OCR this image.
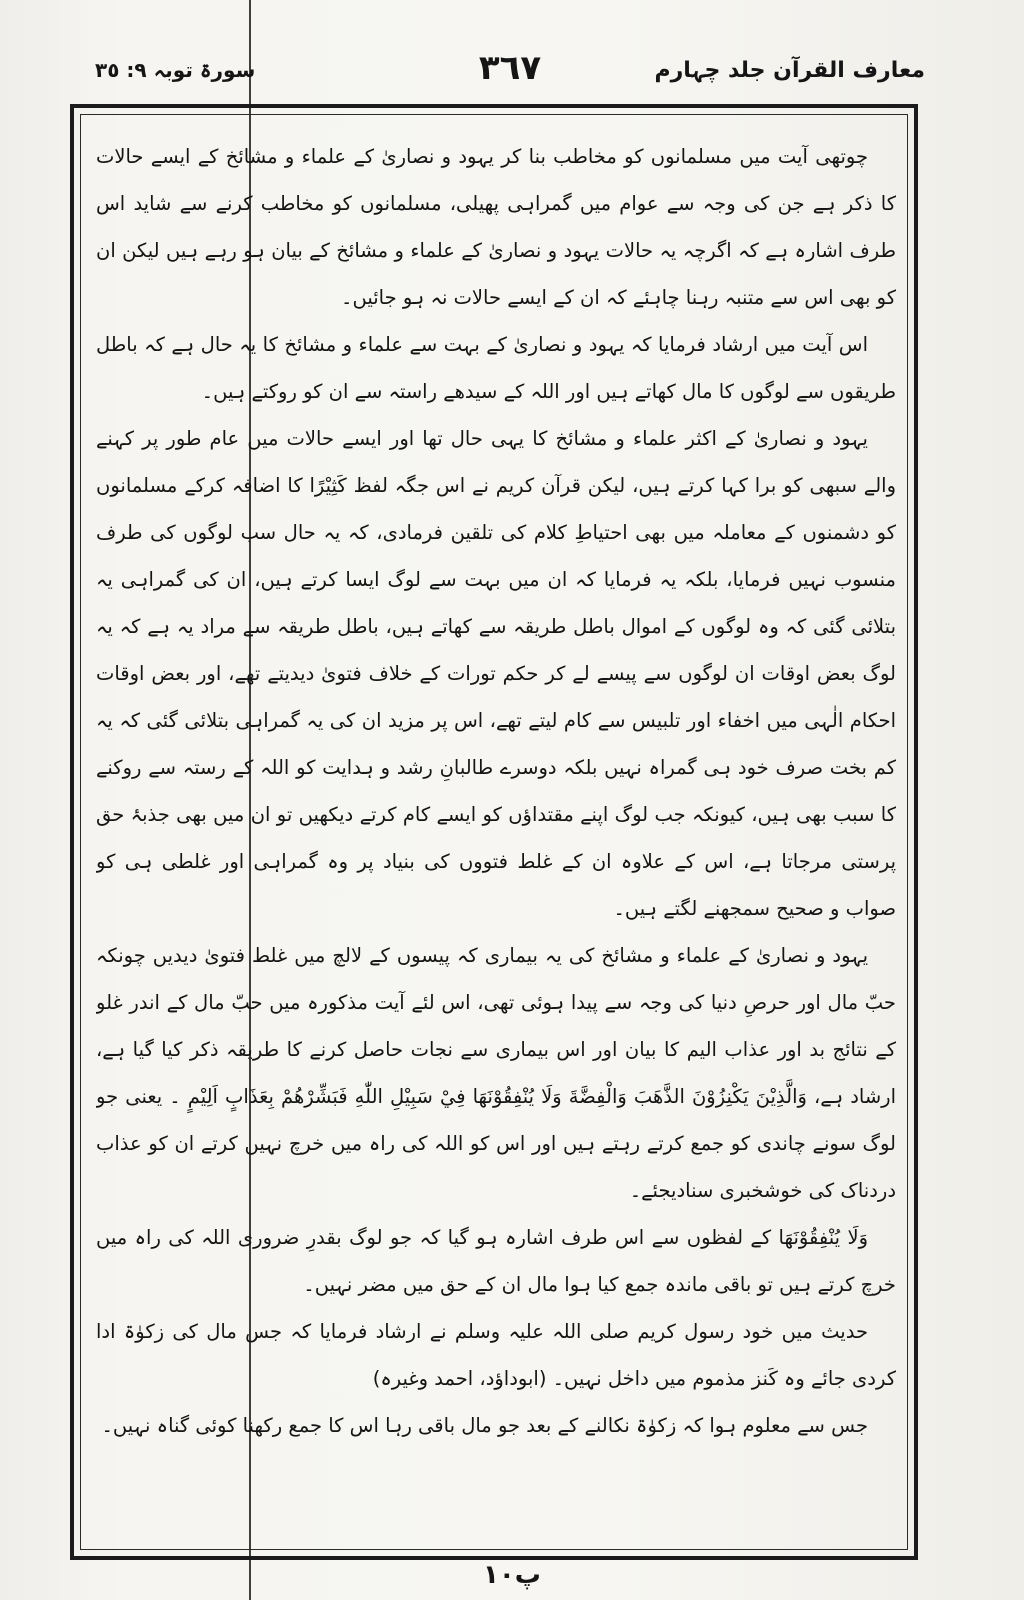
معارف القرآن جلد چہارم
٣٦٧
سورۃ توبہ ٩: ٣٥

چوتھی آیت میں مسلمانوں کو مخاطب بنا کر یہود و نصاریٰ کے علماء و مشائخ کے ایسے حالات کا ذکر ہے جن کی وجہ سے عوام میں گمراہی پھیلی، مسلمانوں کو مخاطب کرنے سے شاید اس طرف اشارہ ہے کہ اگرچہ یہ حالات یہود و نصاریٰ کے علماء و مشائخ کے بیان ہو رہے ہیں لیکن ان کو بھی اس سے متنبہ رہنا چاہئے کہ ان کے ایسے حالات نہ ہو جائیں۔

اس آیت میں ارشاد فرمایا کہ یہود و نصاریٰ کے بہت سے علماء و مشائخ کا یہ حال ہے کہ باطل طریقوں سے لوگوں کا مال کھاتے ہیں اور اللہ کے سیدھے راستہ سے ان کو روکتے ہیں۔

یہود و نصاریٰ کے اکثر علماء و مشائخ کا یہی حال تھا اور ایسے حالات میں عام طور پر کہنے والے سبھی کو برا کہا کرتے ہیں، لیکن قرآن کریم نے اس جگہ لفظ کَثِیْرًا کا اضافہ کرکے مسلمانوں کو دشمنوں کے معاملہ میں بھی احتیاطِ کلام کی تلقین فرمادی، کہ یہ حال سب لوگوں کی طرف منسوب نہیں فرمایا، بلکہ یہ فرمایا کہ ان میں بہت سے لوگ ایسا کرتے ہیں، ان کی گمراہی یہ بتلائی گئی کہ وہ لوگوں کے اموال باطل طریقہ سے کھاتے ہیں، باطل طریقہ سے مراد یہ ہے کہ یہ لوگ بعض اوقات ان لوگوں سے پیسے لے کر حکم تورات کے خلاف فتویٰ دیدیتے تھے، اور بعض اوقات احکام الٰہی میں اخفاء اور تلبیس سے کام لیتے تھے، اس پر مزید ان کی یہ گمراہی بتلائی گئی کہ یہ کم بخت صرف خود ہی گمراہ نہیں بلکہ دوسرے طالبانِ رشد و ہدایت کو اللہ کے رستہ سے روکنے کا سبب بھی ہیں، کیونکہ جب لوگ اپنے مقتداؤں کو ایسے کام کرتے دیکھیں تو ان میں بھی جذبۂ حق پرستی مرجاتا ہے، اس کے علاوہ ان کے غلط فتووں کی بنیاد پر وہ گمراہی اور غلطی ہی کو صواب و صحیح سمجھنے لگتے ہیں۔

یہود و نصاریٰ کے علماء و مشائخ کی یہ بیماری کہ پیسوں کے لالچ میں غلط فتویٰ دیدیں چونکہ حبّ مال اور حرصِ دنیا کی وجہ سے پیدا ہوئی تھی، اس لئے آیت مذکورہ میں حبّ مال کے اندر غلو کے نتائج بد اور عذاب الیم کا بیان اور اس بیماری سے نجات حاصل کرنے کا طریقہ ذکر کیا گیا ہے، ارشاد ہے، وَالَّذِيْنَ يَكْنِزُوْنَ الذَّهَبَ وَالْفِضَّةَ وَلَا يُنْفِقُوْنَهَا فِيْ سَبِيْلِ اللّٰهِ فَبَشِّرْهُمْ بِعَذَابٍ اَلِيْمٍ ۔ یعنی جو لوگ سونے چاندی کو جمع کرتے رہتے ہیں اور اس کو اللہ کی راہ میں خرچ نہیں کرتے ان کو عذاب دردناک کی خوشخبری سنادیجئے۔

وَلَا يُنْفِقُوْنَهَا کے لفظوں سے اس طرف اشارہ ہو گیا کہ جو لوگ بقدرِ ضروری اللہ کی راہ میں خرچ کرتے ہیں تو باقی ماندہ جمع کیا ہوا مال ان کے حق میں مضر نہیں۔

حدیث میں خود رسول کریم صلی اللہ علیہ وسلم نے ارشاد فرمایا کہ جس مال کی زکوٰۃ ادا کردی جائے وہ کَنز مذموم میں داخل نہیں۔ (ابوداؤد، احمد وغیرہ)

جس سے معلوم ہوا کہ زکوٰۃ نکالنے کے بعد جو مال باقی رہا اس کا جمع رکھنا کوئی گناہ نہیں۔

پ١٠
